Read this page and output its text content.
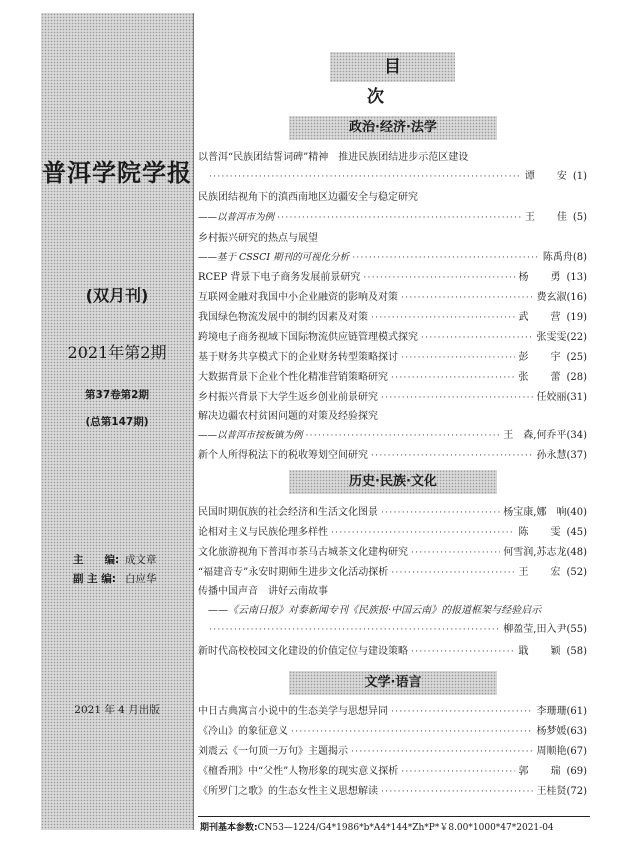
普洱学院学报
(双月刊)
2021年第2期
第37卷第2期
(总第147期)
主　　编: 成文章
副 主 编: 白应华
2021 年 4 月出版
目次
政治·经济·法学
以普洱“民族团结誓词碑”精神　推进民族团结进步示范区建设
·····
谭　安 (1)
民族团结视角下的滇西南地区边疆安全与稳定研究
——以普洱市为例 ·····	王　佳 (5)
乡村振兴研究的热点与展望
——基于 CSSCI 期刊的可视化分析 ·····	陈禹舟 (8)
RCEP 背景下电子商务发展前景研究 ·····	杨　勇 (13)
互联网金融对我国中小企业融资的影响及对策 ·····	费玄淑 (16)
我国绿色物流发展中的制约因素及对策 ·····	武　营 (19)
跨境电子商务视域下国际物流供应链管理模式探究 ·····	张雯雯 (22)
基于财务共享模式下的企业财务转型策略探讨 ·····	彭　宇 (25)
大数据背景下企业个性化精准营销策略研究 ·····	张　蕾 (28)
乡村振兴背景下大学生返乡创业前景研究 ·····	任姣丽 (31)
解决边疆农村贫困问题的对策及经验探究
——以普洱市按板镇为例 ·····	王　森,何乔平 (34)
新个人所得税法下的税收筹划空间研究 ·····	孙永慧 (37)
历史·民族·文化
民国时期佤族的社会经济和生活文化图景 ·····	杨宝康,娜　响 (40)
论相对主义与民族伦理多样性 ·····	陈　雯 (45)
文化旅游视角下普洱市茶马古城茶文化建构研究 ·····	何雪润,苏志龙 (48)
“福建音专”永安时期师生进步文化活动探析 ·····	王　宏 (52)
传播中国声音　讲好云南故事
——《云南日报》对泰新闻专刊《民族报·中国云南》的报道框架与经验启示
·····
柳盈莹,田入尹 (55)
新时代高校校园文化建设的价值定位与建设策略 ·····	戢　颖 (58)
文学·语言
中日古典寓言小说中的生态美学与思想异同 ·····	李珊珊 (61)
《冷山》的象征意义 ·····	杨梦媛 (63)
刘震云《一句顶一万句》主题揭示 ·····	周顺艳 (67)
《檀香刑》中“父性”人物形象的现实意义探析 ·····	郭　瑞 (69)
《所罗门之歌》的生态女性主义思想解读 ·····	王桂贤 (72)
期刊基本参数:CN53—1224/G4*1986*b*A4*144*Zh*P*￥8.00*1000*47*2021-04
